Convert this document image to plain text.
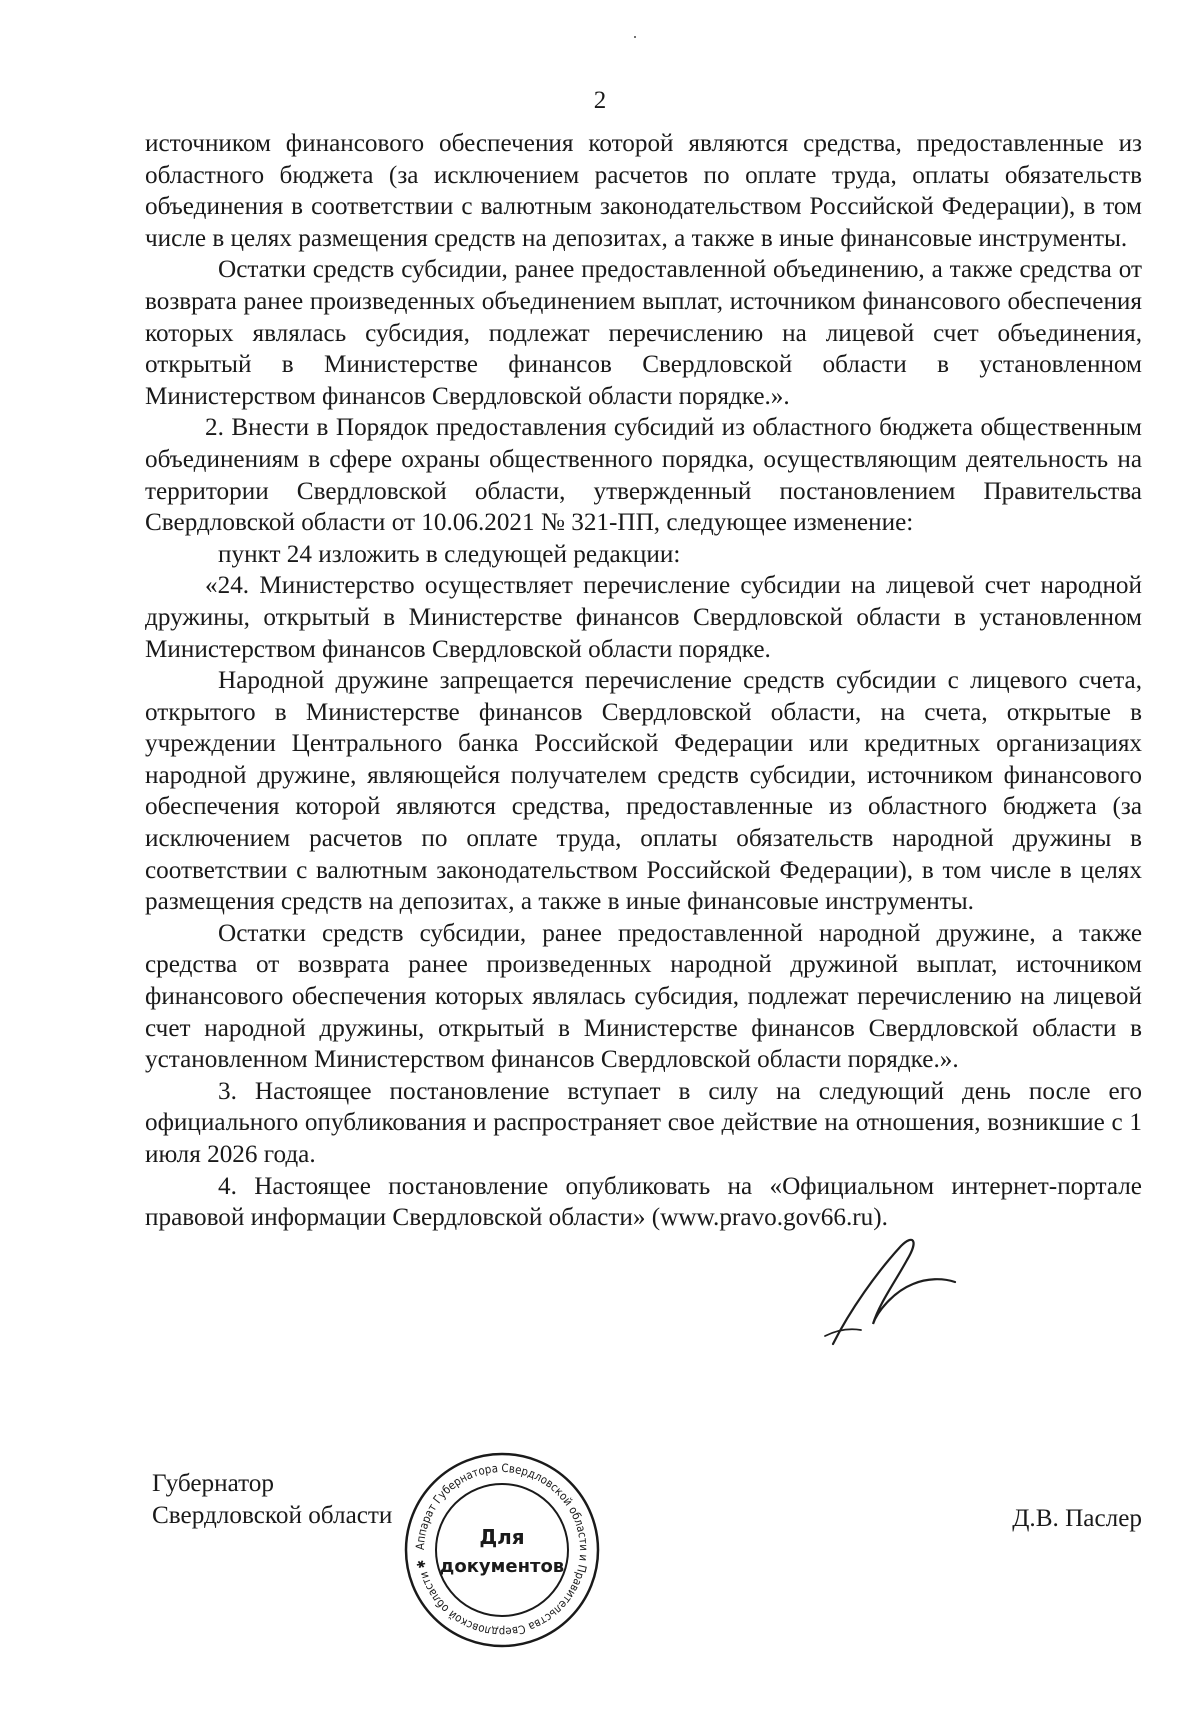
2

источником финансового обеспечения которой являются средства, предоставленные из областного бюджета (за исключением расчетов по оплате труда, оплаты обязательств объединения в соответствии с валютным законодательством Российской Федерации), в том числе в целях размещения средств на депозитах, а также в иные финансовые инструменты.

Остатки средств субсидии, ранее предоставленной объединению, а также средства от возврата ранее произведенных объединением выплат, источником финансового обеспечения которых являлась субсидия, подлежат перечислению на лицевой счет объединения, открытый в Министерстве финансов Свердловской области в установленном Министерством финансов Свердловской области порядке.».

2. Внести в Порядок предоставления субсидий из областного бюджета общественным объединениям в сфере охраны общественного порядка, осуществляющим деятельность на территории Свердловской области, утвержденный постановлением Правительства Свердловской области от 10.06.2021 № 321-ПП, следующее изменение:

пункт 24 изложить в следующей редакции:

«24. Министерство осуществляет перечисление субсидии на лицевой счет народной дружины, открытый в Министерстве финансов Свердловской области в установленном Министерством финансов Свердловской области порядке.

Народной дружине запрещается перечисление средств субсидии с лицевого счета, открытого в Министерстве финансов Свердловской области, на счета, открытые в учреждении Центрального банка Российской Федерации или кредитных организациях народной дружине, являющейся получателем средств субсидии, источником финансового обеспечения которой являются средства, предоставленные из областного бюджета (за исключением расчетов по оплате труда, оплаты обязательств народной дружины в соответствии с валютным законодательством Российской Федерации), в том числе в целях размещения средств на депозитах, а также в иные финансовые инструменты.

Остатки средств субсидии, ранее предоставленной народной дружине, а также средства от возврата ранее произведенных народной дружиной выплат, источником финансового обеспечения которых являлась субсидия, подлежат перечислению на лицевой счет народной дружины, открытый в Министерстве финансов Свердловской области в установленном Министерством финансов Свердловской области порядке.».

3. Настоящее постановление вступает в силу на следующий день после его официального опубликования и распространяет свое действие на отношения, возникшие с 1 июля 2026 года.

4. Настоящее постановление опубликовать на «Официальном интернет-портале правовой информации Свердловской области» (www.pravo.gov66.ru).

Губернатор
Свердловской области
Аппарат Губернатора Свердловской области и Правительства Свердловской области ✱
Для
документов
Д.В. Паслер
